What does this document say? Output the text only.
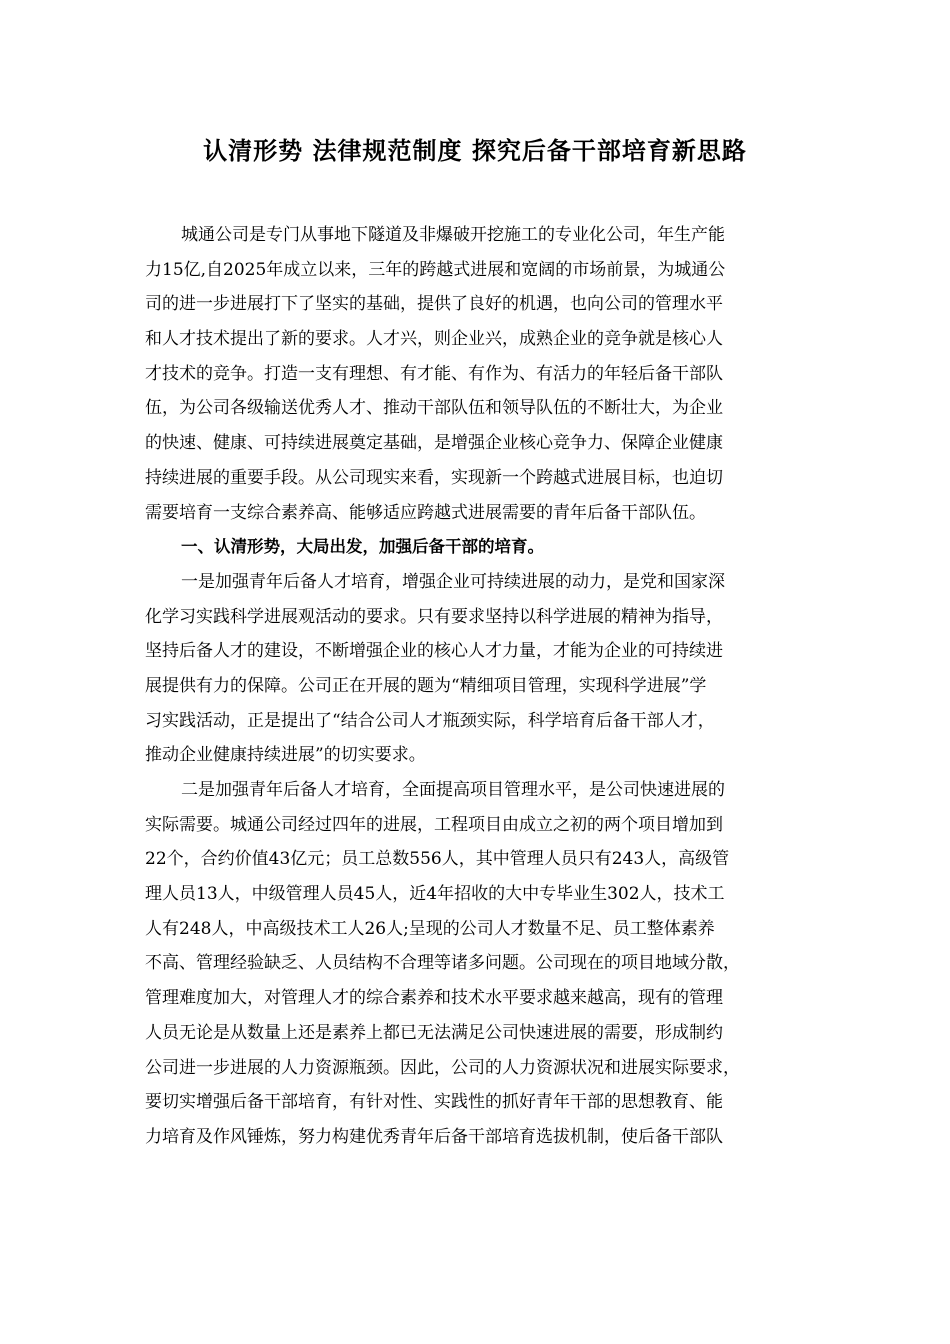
认清形势 法律规范制度 探究后备干部培育新思路
城通公司是专门从事地下隧道及非爆破开挖施工的专业化公司，年生产能
力15亿,自2025年成立以来，三年的跨越式进展和宽阔的市场前景，为城通公
司的进一步进展打下了坚实的基础，提供了良好的机遇，也向公司的管理水平
和人才技术提出了新的要求。人才兴，则企业兴，成熟企业的竞争就是核心人
才技术的竞争。打造一支有理想、有才能、有作为、有活力的年轻后备干部队
伍，为公司各级输送优秀人才、推动干部队伍和领导队伍的不断壮大，为企业
的快速、健康、可持续进展奠定基础，是增强企业核心竞争力、保障企业健康
持续进展的重要手段。从公司现实来看，实现新一个跨越式进展目标，也迫切
需要培育一支综合素养高、能够适应跨越式进展需要的青年后备干部队伍。
一、认清形势，大局出发，加强后备干部的培育。
一是加强青年后备人才培育，增强企业可持续进展的动力，是党和国家深
化学习实践科学进展观活动的要求。只有要求坚持以科学进展的精神为指导，
坚持后备人才的建设，不断增强企业的核心人才力量，才能为企业的可持续进
展提供有力的保障。公司正在开展的题为“精细项目管理，实现科学进展”学
习实践活动，正是提出了“结合公司人才瓶颈实际，科学培育后备干部人才，
推动企业健康持续进展”的切实要求。
二是加强青年后备人才培育，全面提高项目管理水平，是公司快速进展的
实际需要。城通公司经过四年的进展，工程项目由成立之初的两个项目增加到
22个，合约价值43亿元；员工总数556人，其中管理人员只有243人，高级管
理人员13人，中级管理人员45人，近4年招收的大中专毕业生302人，技术工
人有248人，中高级技术工人26人;呈现的公司人才数量不足、员工整体素养
不高、管理经验缺乏、人员结构不合理等诸多问题。公司现在的项目地域分散，
管理难度加大，对管理人才的综合素养和技术水平要求越来越高，现有的管理
人员无论是从数量上还是素养上都已无法满足公司快速进展的需要，形成制约
公司进一步进展的人力资源瓶颈。因此，公司的人力资源状况和进展实际要求，
要切实增强后备干部培育，有针对性、实践性的抓好青年干部的思想教育、能
力培育及作风锤炼，努力构建优秀青年后备干部培育选拔机制，使后备干部队
